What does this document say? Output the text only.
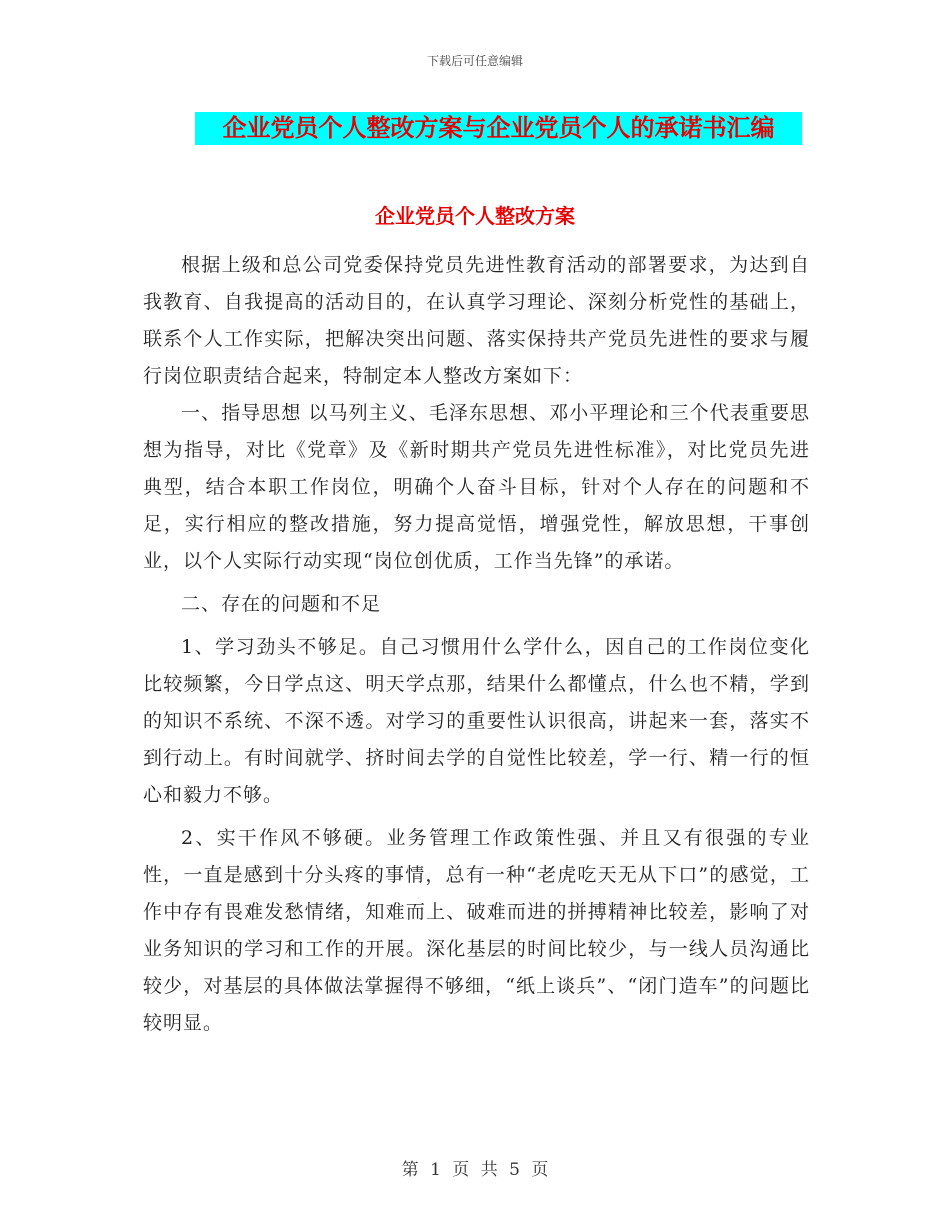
下载后可任意编辑
企业党员个人整改方案与企业党员个人的承诺书汇编
企业党员个人整改方案

根据上级和总公司党委保持党员先进性教育活动的部署要求，为达到自我教育、自我提高的活动目的，在认真学习理论、深刻分析党性的基础上，联系个人工作实际，把解决突出问题、落实保持共产党员先进性的要求与履行岗位职责结合起来，特制定本人整改方案如下：

一、指导思想 以马列主义、毛泽东思想、邓小平理论和三个代表重要思想为指导，对比《党章》及《新时期共产党员先进性标准》，对比党员先进典型，结合本职工作岗位，明确个人奋斗目标，针对个人存在的问题和不足，实行相应的整改措施，努力提高觉悟，增强党性，解放思想，干事创业，以个人实际行动实现“岗位创优质，工作当先锋”的承诺。

二、存在的问题和不足

1、学习劲头不够足。自己习惯用什么学什么，因自己的工作岗位变化比较频繁，今日学点这、明天学点那，结果什么都懂点，什么也不精，学到的知识不系统、不深不透。对学习的重要性认识很高，讲起来一套，落实不到行动上。有时间就学、挤时间去学的自觉性比较差，学一行、精一行的恒心和毅力不够。

2、实干作风不够硬。业务管理工作政策性强、并且又有很强的专业性，一直是感到十分头疼的事情，总有一种“老虎吃天无从下口”的感觉，工作中存有畏难发愁情绪，知难而上、破难而进的拼搏精神比较差，影响了对业务知识的学习和工作的开展。深化基层的时间比较少，与一线人员沟通比较少，对基层的具体做法掌握得不够细，“纸上谈兵”、“闭门造车”的问题比较明显。

第 1 页 共 5 页
